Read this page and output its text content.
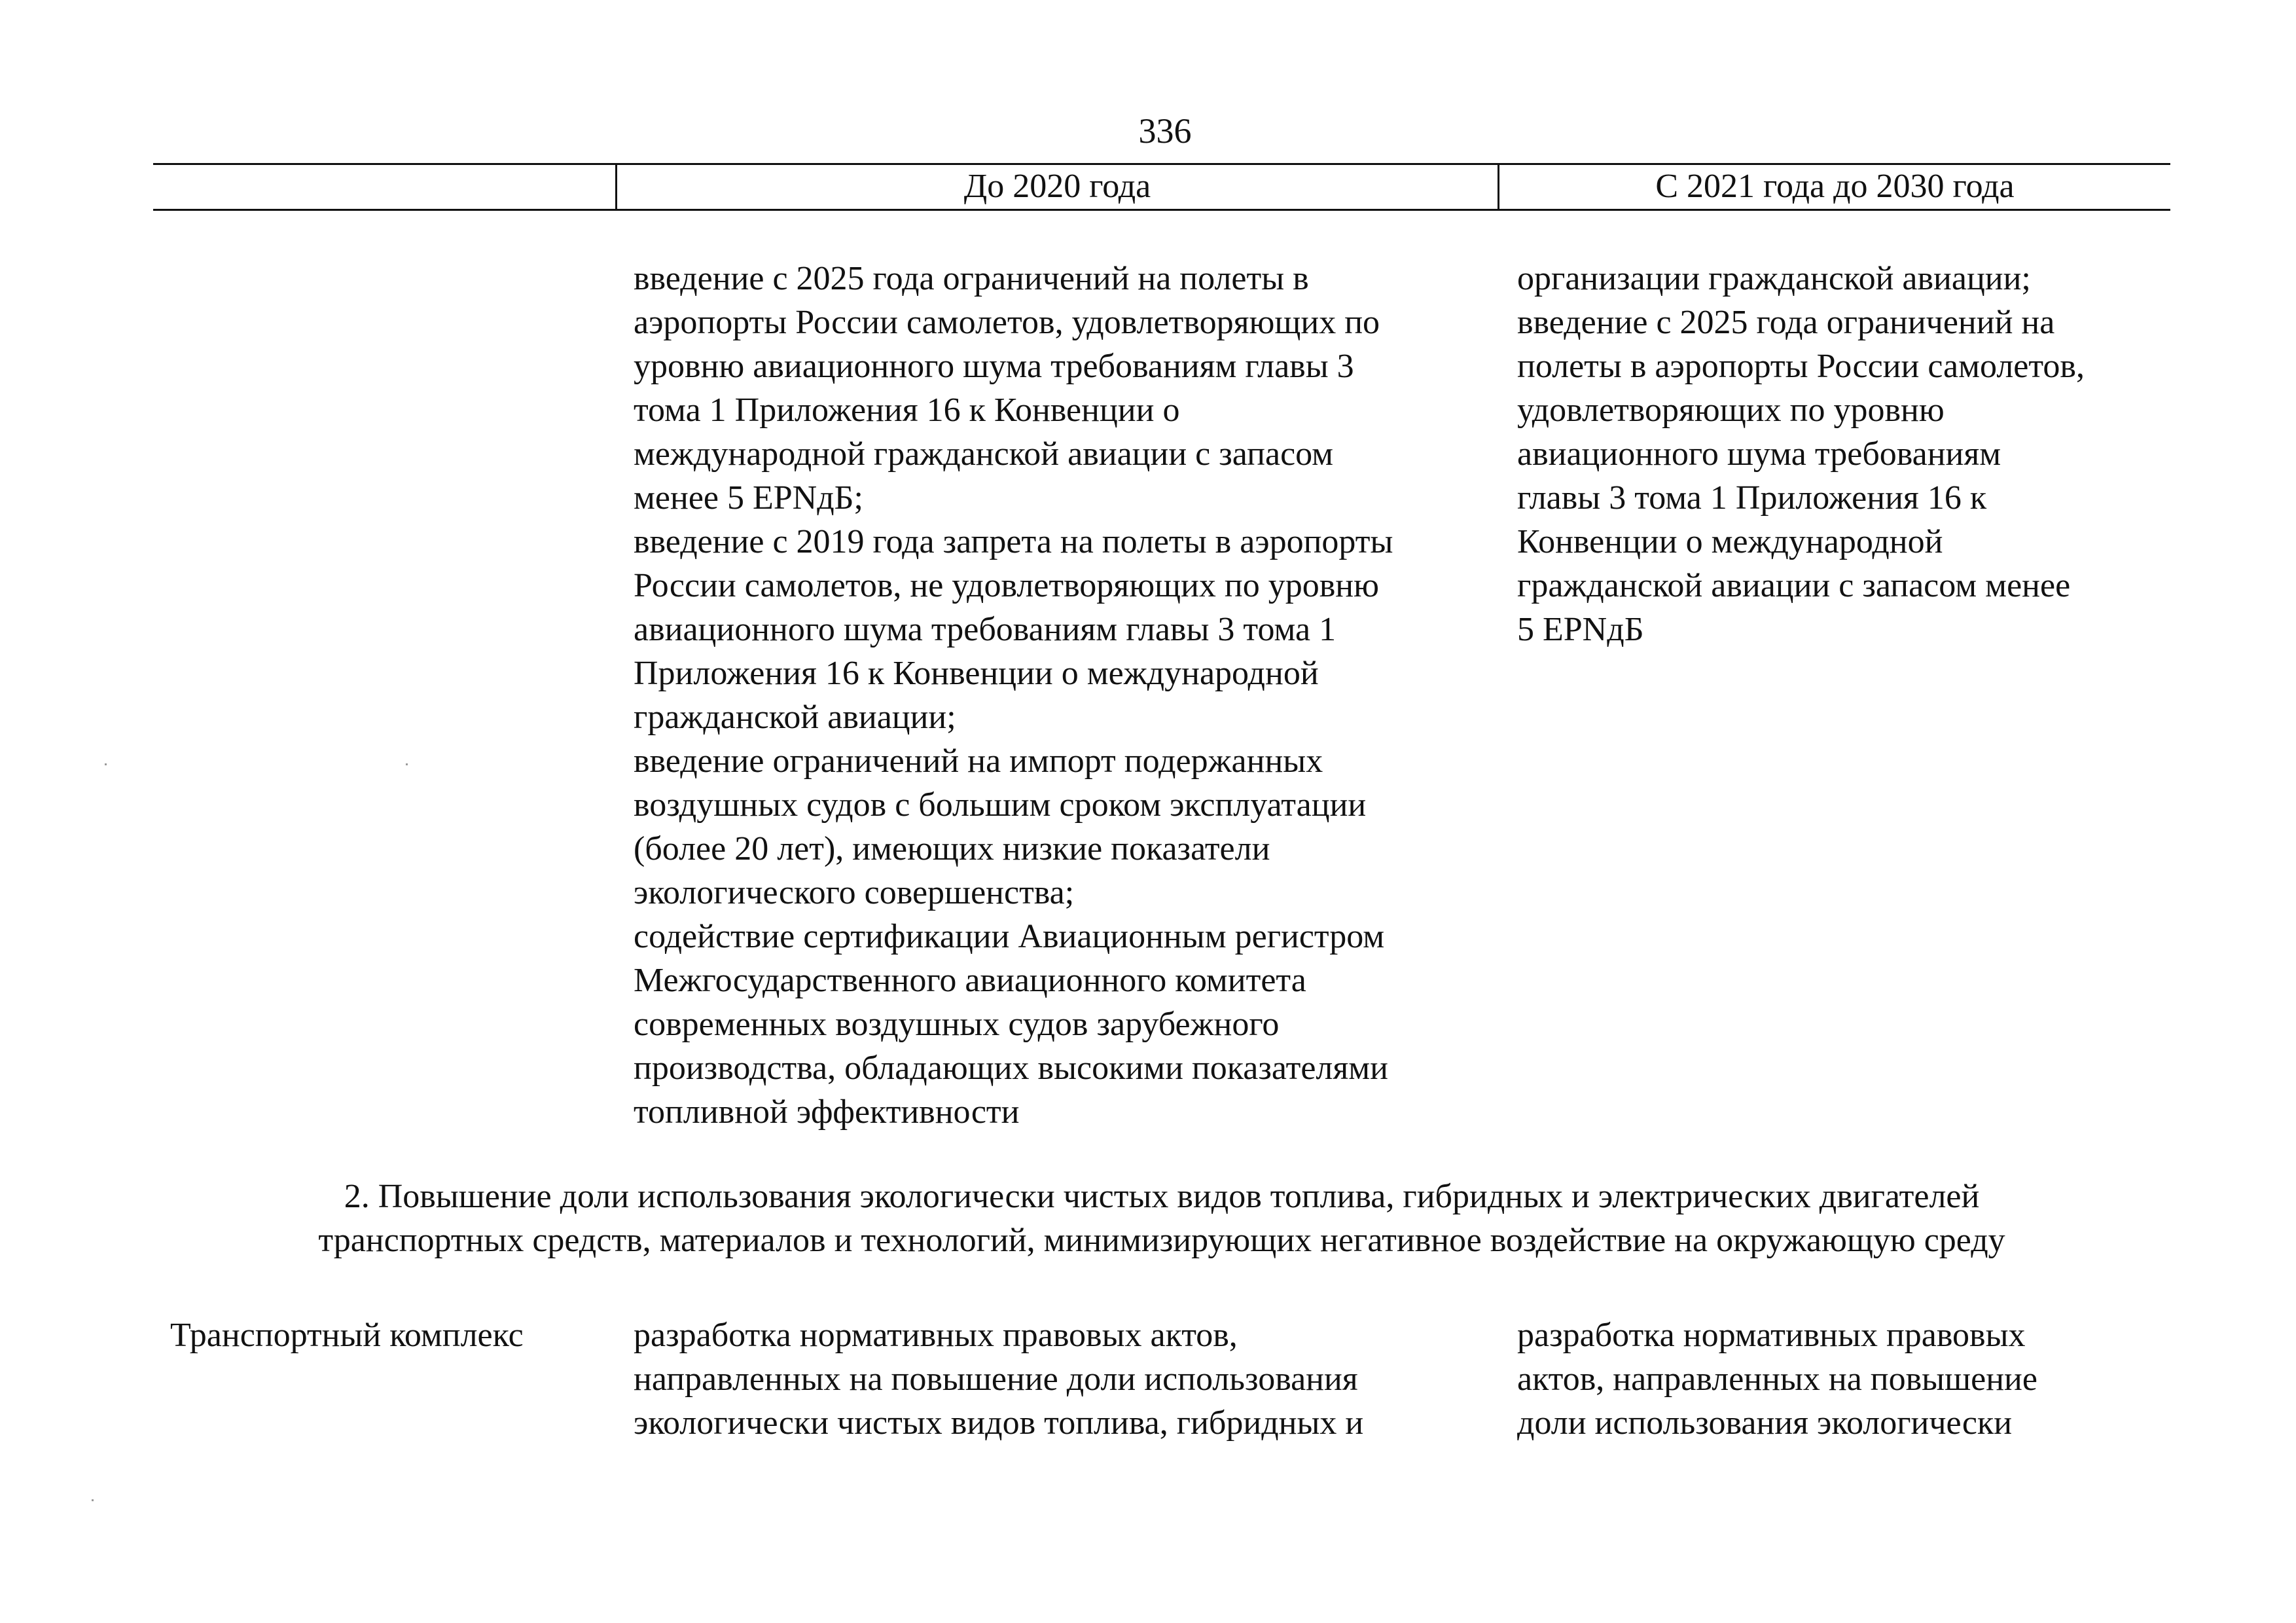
336
До 2020 года	С 2021 года до 2030 года
введение с 2025 года ограничений на полеты в
аэропорты России самолетов, удовлетворяющих по
уровню авиационного шума требованиям главы 3
тома 1 Приложения 16 к Конвенции о
международной гражданской авиации с запасом
менее 5 EPNдБ;
введение с 2019 года запрета на полеты в аэропорты
России самолетов, не удовлетворяющих по уровню
авиационного шума требованиям главы 3 тома 1
Приложения 16 к Конвенции о международной
гражданской авиации;
введение ограничений на импорт подержанных
воздушных судов с большим сроком эксплуатации
(более 20 лет), имеющих низкие показатели
экологического совершенства;
содействие сертификации Авиационным регистром
Межгосударственного авиационного комитета
современных воздушных судов зарубежного
производства, обладающих высокими показателями
топливной эффективности
организации гражданской авиации;
введение с 2025 года ограничений на
полеты в аэропорты России самолетов,
удовлетворяющих по уровню
авиационного шума требованиям
главы 3 тома 1 Приложения 16 к
Конвенции о международной
гражданской авиации с запасом менее
5 EPNдБ
2. Повышение доли использования экологически чистых видов топлива, гибридных и электрических двигателей
транспортных средств, материалов и технологий, минимизирующих негативное воздействие на окружающую среду
Транспортный комплекс	разработка нормативных правовых актов,
направленных на повышение доли использования
экологически чистых видов топлива, гибридных и
разработка нормативных правовых
актов, направленных на повышение
доли использования экологически
